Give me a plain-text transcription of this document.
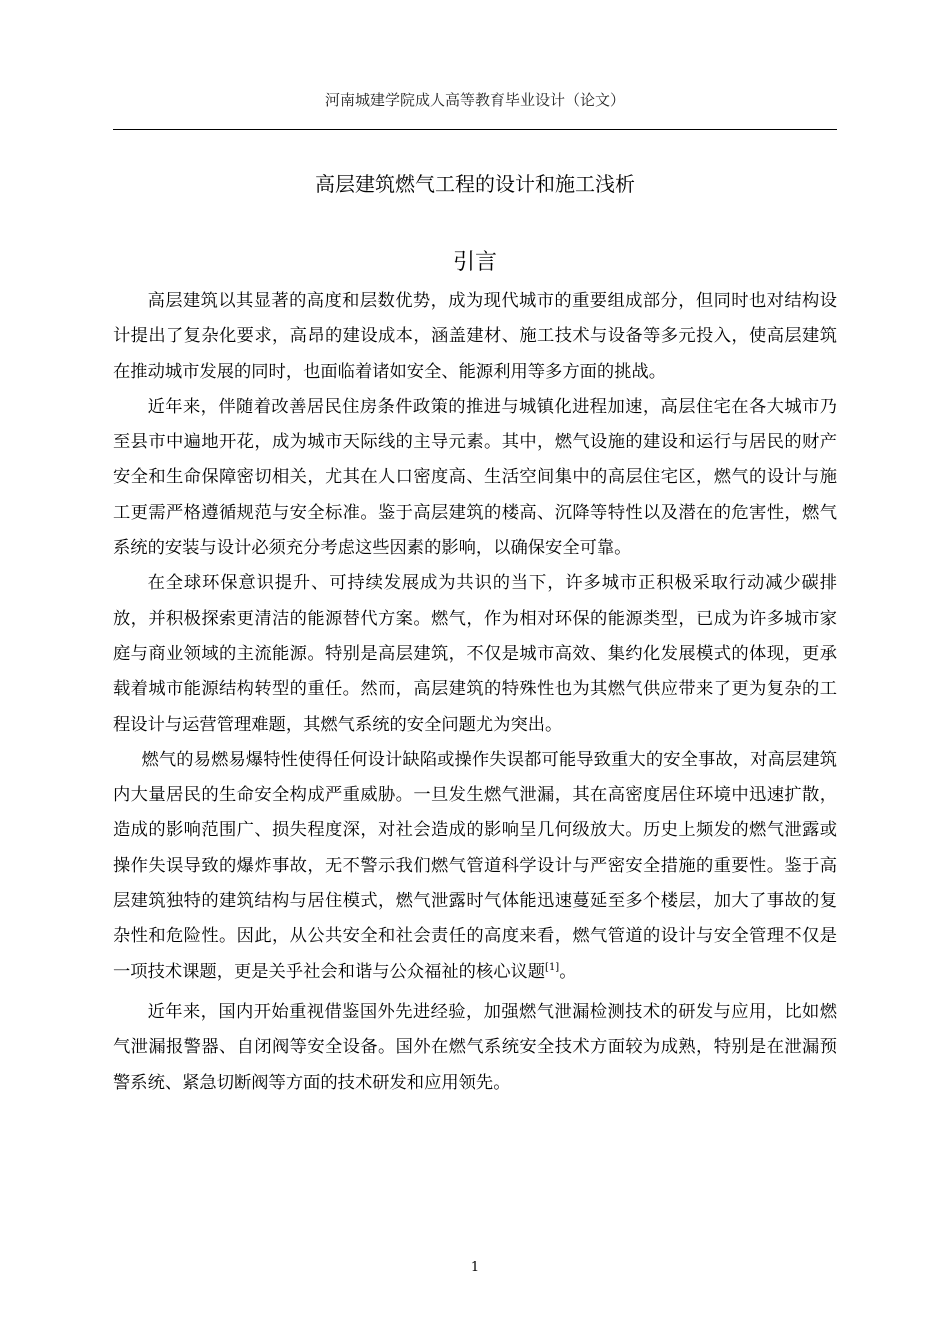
河南城建学院成人高等教育毕业设计（论文）
高层建筑燃气工程的设计和施工浅析
引言

高层建筑以其显著的高度和层数优势，成为现代城市的重要组成部分，但同时也对结构设计提出了复杂化要求，高昂的建设成本，涵盖建材、施工技术与设备等多元投入，使高层建筑在推动城市发展的同时，也面临着诸如安全、能源利用等多方面的挑战。

近年来，伴随着改善居民住房条件政策的推进与城镇化进程加速，高层住宅在各大城市乃至县市中遍地开花，成为城市天际线的主导元素。其中，燃气设施的建设和运行与居民的财产安全和生命保障密切相关，尤其在人口密度高、生活空间集中的高层住宅区，燃气的设计与施工更需严格遵循规范与安全标准。鉴于高层建筑的楼高、沉降等特性以及潜在的危害性，燃气系统的安装与设计必须充分考虑这些因素的影响，以确保安全可靠。

在全球环保意识提升、可持续发展成为共识的当下，许多城市正积极采取行动减少碳排放，并积极探索更清洁的能源替代方案。燃气，作为相对环保的能源类型，已成为许多城市家庭与商业领域的主流能源。特别是高层建筑，不仅是城市高效、集约化发展模式的体现，更承载着城市能源结构转型的重任。然而，高层建筑的特殊性也为其燃气供应带来了更为复杂的工程设计与运营管理难题，其燃气系统的安全问题尤为突出。

燃气的易燃易爆特性使得任何设计缺陷或操作失误都可能导致重大的安全事故，对高层建筑内大量居民的生命安全构成严重威胁。一旦发生燃气泄漏，其在高密度居住环境中迅速扩散，造成的影响范围广、损失程度深，对社会造成的影响呈几何级放大。历史上频发的燃气泄露或操作失误导致的爆炸事故，无不警示我们燃气管道科学设计与严密安全措施的重要性。鉴于高层建筑独特的建筑结构与居住模式，燃气泄露时气体能迅速蔓延至多个楼层，加大了事故的复杂性和危险性。因此，从公共安全和社会责任的高度来看，燃气管道的设计与安全管理不仅是一项技术课题，更是关乎社会和谐与公众福祉的核心议题[1]。

近年来，国内开始重视借鉴国外先进经验，加强燃气泄漏检测技术的研发与应用，比如燃气泄漏报警器、自闭阀等安全设备。国外在燃气系统安全技术方面较为成熟，特别是在泄漏预警系统、紧急切断阀等方面的技术研发和应用领先。

1
